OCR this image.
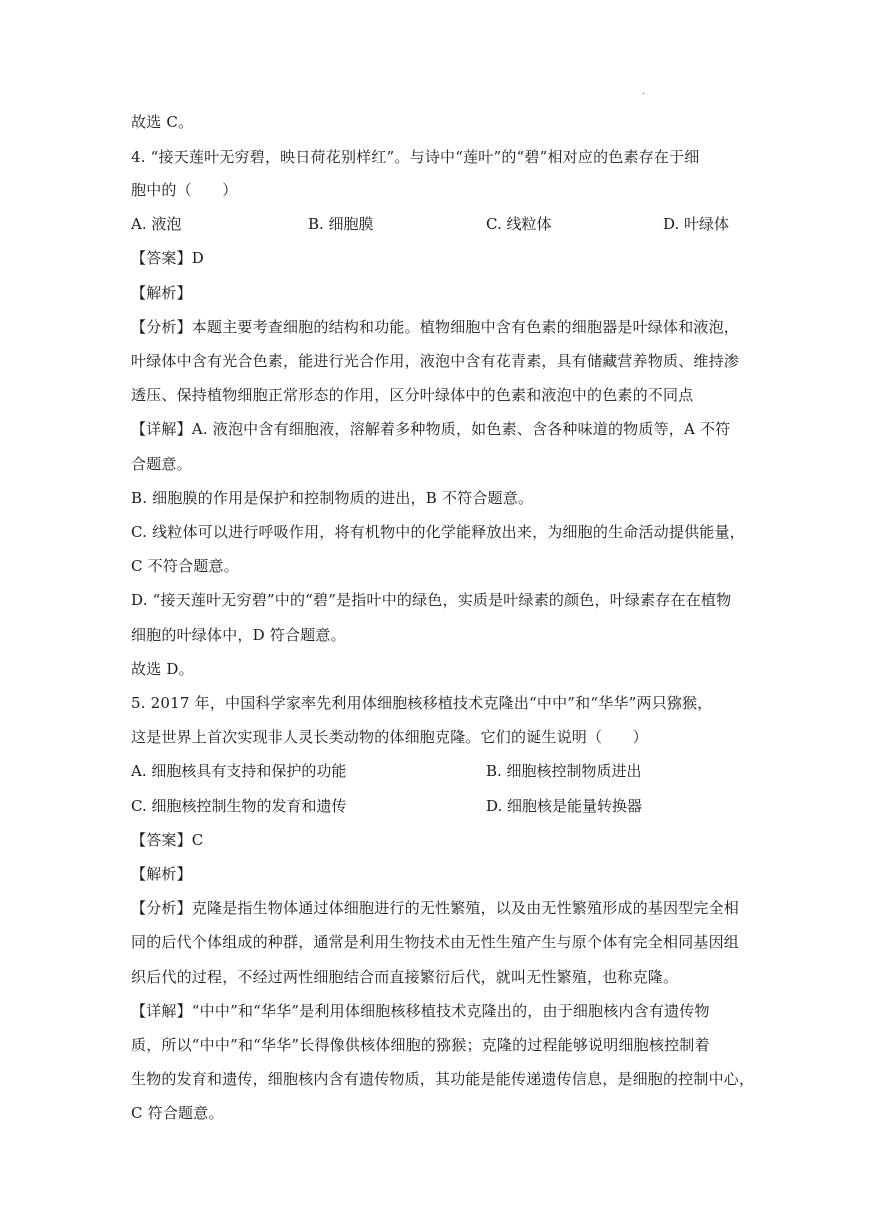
.
故选 C。
4. “接天莲叶无穷碧，映日荷花别样红”。与诗中“莲叶”的“碧”相对应的色素存在于细
胞中的（　　）
A. 液泡	B. 细胞膜	C. 线粒体	D. 叶绿体
【答案】D
【解析】
【分析】本题主要考查细胞的结构和功能。植物细胞中含有色素的细胞器是叶绿体和液泡，
叶绿体中含有光合色素，能进行光合作用，液泡中含有花青素，具有储藏营养物质、维持渗
透压、保持植物细胞正常形态的作用，区分叶绿体中的色素和液泡中的色素的不同点
【详解】A. 液泡中含有细胞液，溶解着多种物质，如色素、含各种味道的物质等，A 不符
合题意。
B. 细胞膜的作用是保护和控制物质的进出，B 不符合题意。
C. 线粒体可以进行呼吸作用，将有机物中的化学能释放出来，为细胞的生命活动提供能量，
C 不符合题意。
D. “接天莲叶无穷碧”中的“碧”是指叶中的绿色，实质是叶绿素的颜色，叶绿素存在在植物
细胞的叶绿体中，D 符合题意。
故选 D。
5. 2017 年，中国科学家率先利用体细胞核移植技术克隆出“中中”和“华华”两只猕猴，
这是世界上首次实现非人灵长类动物的体细胞克隆。它们的诞生说明（　　）
A. 细胞核具有支持和保护的功能	B. 细胞核控制物质进出
C. 细胞核控制生物的发育和遗传	D. 细胞核是能量转换器
【答案】C
【解析】
【分析】克隆是指生物体通过体细胞进行的无性繁殖，以及由无性繁殖形成的基因型完全相
同的后代个体组成的种群，通常是利用生物技术由无性生殖产生与原个体有完全相同基因组
织后代的过程，不经过两性细胞结合而直接繁衍后代，就叫无性繁殖，也称克隆。
【详解】“中中”和“华华”是利用体细胞核移植技术克隆出的，由于细胞核内含有遗传物
质，所以“中中”和“华华”长得像供核体细胞的猕猴；克隆的过程能够说明细胞核控制着
生物的发育和遗传，细胞核内含有遗传物质，其功能是能传递遗传信息，是细胞的控制中心，
C 符合题意。
